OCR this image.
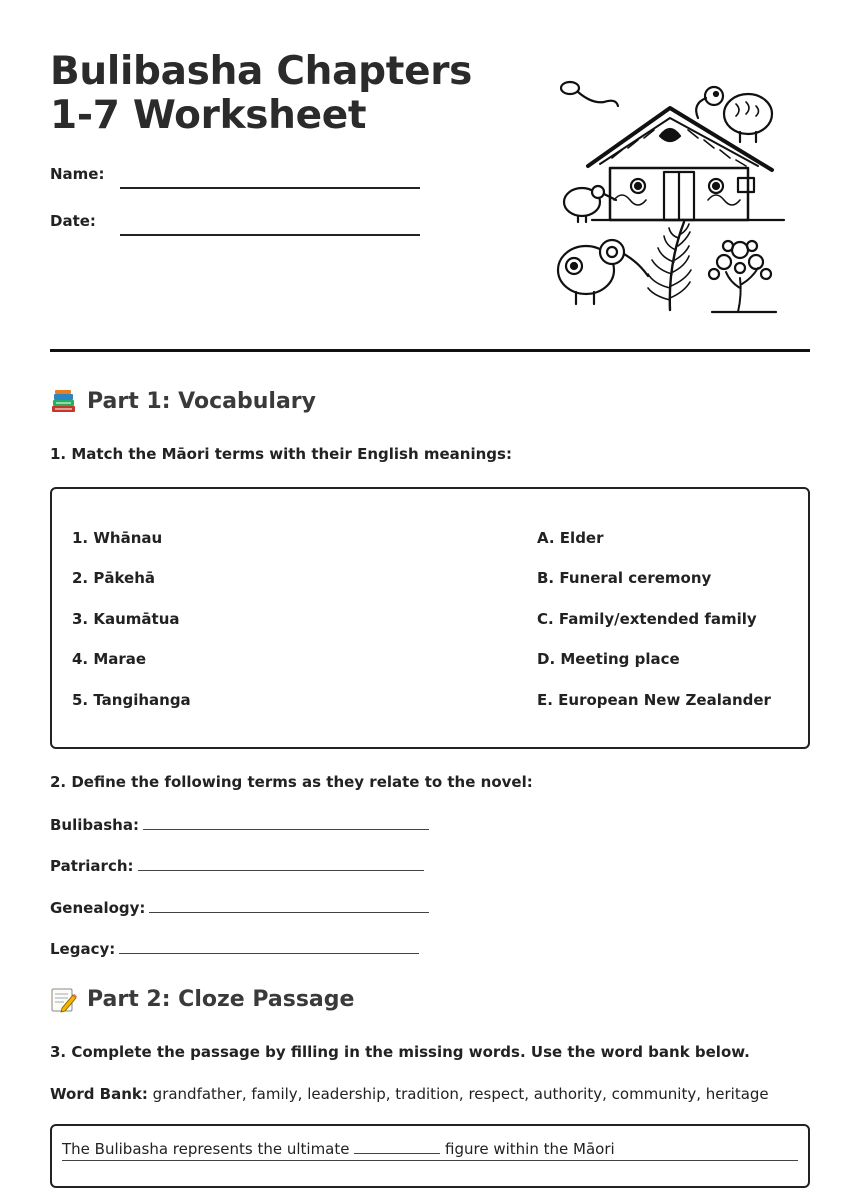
Bulibasha Chapters 1-7 Worksheet
Name:
Date:
Part 1: Vocabulary
1. Match the Māori terms with their English meanings:
1. Whānau
2. Pākehā
3. Kaumātua
4. Marae
5. Tangihanga
A. Elder
B. Funeral ceremony
C. Family/extended family
D. Meeting place
E. European New Zealander
2. Define the following terms as they relate to the novel:
Bulibasha:
Patriarch:
Genealogy:
Legacy:
Part 2: Cloze Passage
3. Complete the passage by filling in the missing words. Use the word bank below.
Word Bank: grandfather, family, leadership, tradition, respect, authority, community, heritage
The Bulibasha represents the ultimate	figure within the Māori
